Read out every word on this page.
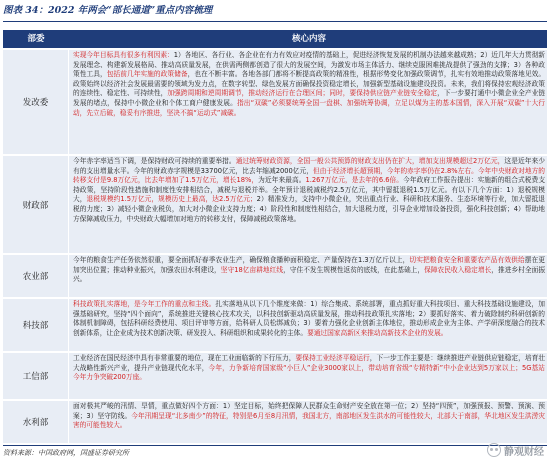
图表 34：2022 年两会“部长通道”重点内容梳理
部委	核心内容
发改委
实现今年目标具有很多有利因素：1）各地区、各行业、各企业在有力有效应对疫情的基础上，促进经济恢复发展的机制办法越来越成熟；2）近几年大力贯彻新发展理念、构建新发展格局、推动高质量发展，在供需两侧都创造了很大的发展空间，为激发市场主体活力、继续克服困难挑战提供了强劲的支撑；3）各种政策性工具，包括前几年实施的政策储备，也在不断丰富。各地各部门都将不断提高政策的精准性，根据形势变化加强政策调节，扎实有效地推动政策落地见效。政策始终以经济社会发展最需要的领域为发力点，在数字转型、绿色发展方面确保投资稳定增长，加强新型基础设施建设投资。未来，我们将保持宏观经济政策的连续性、稳定性、可持续性，加强跨周期和逆周期调节，推动经济运行在合理区间；同时，要保持供应链产业链安全稳定，下一步要打通中小微企业全产业链发展的堵点，保持中小微企业和个体工商户健康发展。指出“双碳”必须要统筹全国一盘棋、加强统筹协调，立足以煤为主的基本国情，深入开展“双碳”十大行动，先立后破，稳妥有序推进，坚决不搞“运动式”减碳。
财政部
今年赤字率适当下调，是保持财政可持续的重要举措。通过统筹财政资源，全国一般公共预算的财政支出仍在扩大，增加支出规模超过2万亿元，这是近年来少有的支出增量水平。今年的财政赤字规模是33700亿元，比去年缩减2000亿元，但由于经济增长超预期，今年的赤字率仍在2.8%左右。今年中央财政对地方的转移支付是9.8万亿元，比去年增加了1.5万亿元，增长18%，为近年来最高。1.267万亿元，是去年的6.6倍。今年政府工作报告提出：实施新的组合式税费支持政策，坚持阶段性措施和制度性安排相结合，减税与退税并举。全年预计退税减税约2.5万亿元，其中留抵退税1.5万亿元。有以下几个方面：1）退税规模大，退税规模约1.5万亿元，规模历史上最高，达2.5万亿元；2）精准发力，支持中小微企业，突出重点行业、科研和技术服务、生态环境等行业，加大留抵退税的力度；3）减轻小微企业税负，加大对小微企业支持力度；4）阶段性和制度性相结合，加大退税力度，引导企业增加设备投资，强化科技创新；4）帮助地方保障减收压力，中央财政大幅增加对地方的转移支付，保障减税政策落地。
农业部
今年的粮食生产任务依然很重，要全面抓好春季农业生产，确保粮食播种面积稳定、产量保持在1.3万亿斤以上，切实把粮食安全和重要农产品有效供给摆在更加突出位置；推动种业振兴，加强农田水利建设，坚守18亿亩耕地红线，守住不发生规模性返贫的底线，在此基础上，保障农民收入稳定增长，推进乡村全面振兴。
科技部
科技政策扎实落地，是今年工作的重点和主线。扎实落地从以下几个维度来做：1）综合集成、系统部署，重点抓好重大科技项目、重大科技基础设施建设，加强基础研究，坚持“四个面向”，系统推进关键核心技术攻关，以科技创新驱动高质量发展，推动科技政策扎实落地；2）要抓好落实、着力破除制约科研创新的体制机制障碍，包括科研经费使用、项目评审等方面，给科研人员松绑减负；3）要着力强化企业创新主体地位，推动形成企业为主体、产学研深度融合的技术创新体系，让企业成为技术创新决策、研发投入、科研组织和成果转化的主体。要通过国家高新区来推动高新技术企业的发展。
工信部
工业经济在国民经济中具有非常重要的地位，现在工业面临新的下行压力，要保持工业经济平稳运行，下一步工作主要是：继续推进产业链供应链稳定，培育壮大战略性新兴产业，提升产业链现代化水平，今年，力争新培育国家级“小巨人”企业3000家以上，带动培育省级“专精特新”中小企业达到5万家以上；5G基站今年力争突破200万座。
水利部
面对极其严峻的汛情、旱情，重点做好四个方面：1）坚定目标，始终把保障人民群众生命财产安全放在第一位；2）坚持“四预”，加强预报、预警、预演、预案；3）坚守防线。今年汛期呈现“北多南少”的特征，特别是6月至8月汛情，我国北方，南部地区发生洪水的可能性较大，北部大于南部，华北地区发生洪涝灾害的可能性较大。
资料来源：中国政府网，国盛证券研究所	静观财经
